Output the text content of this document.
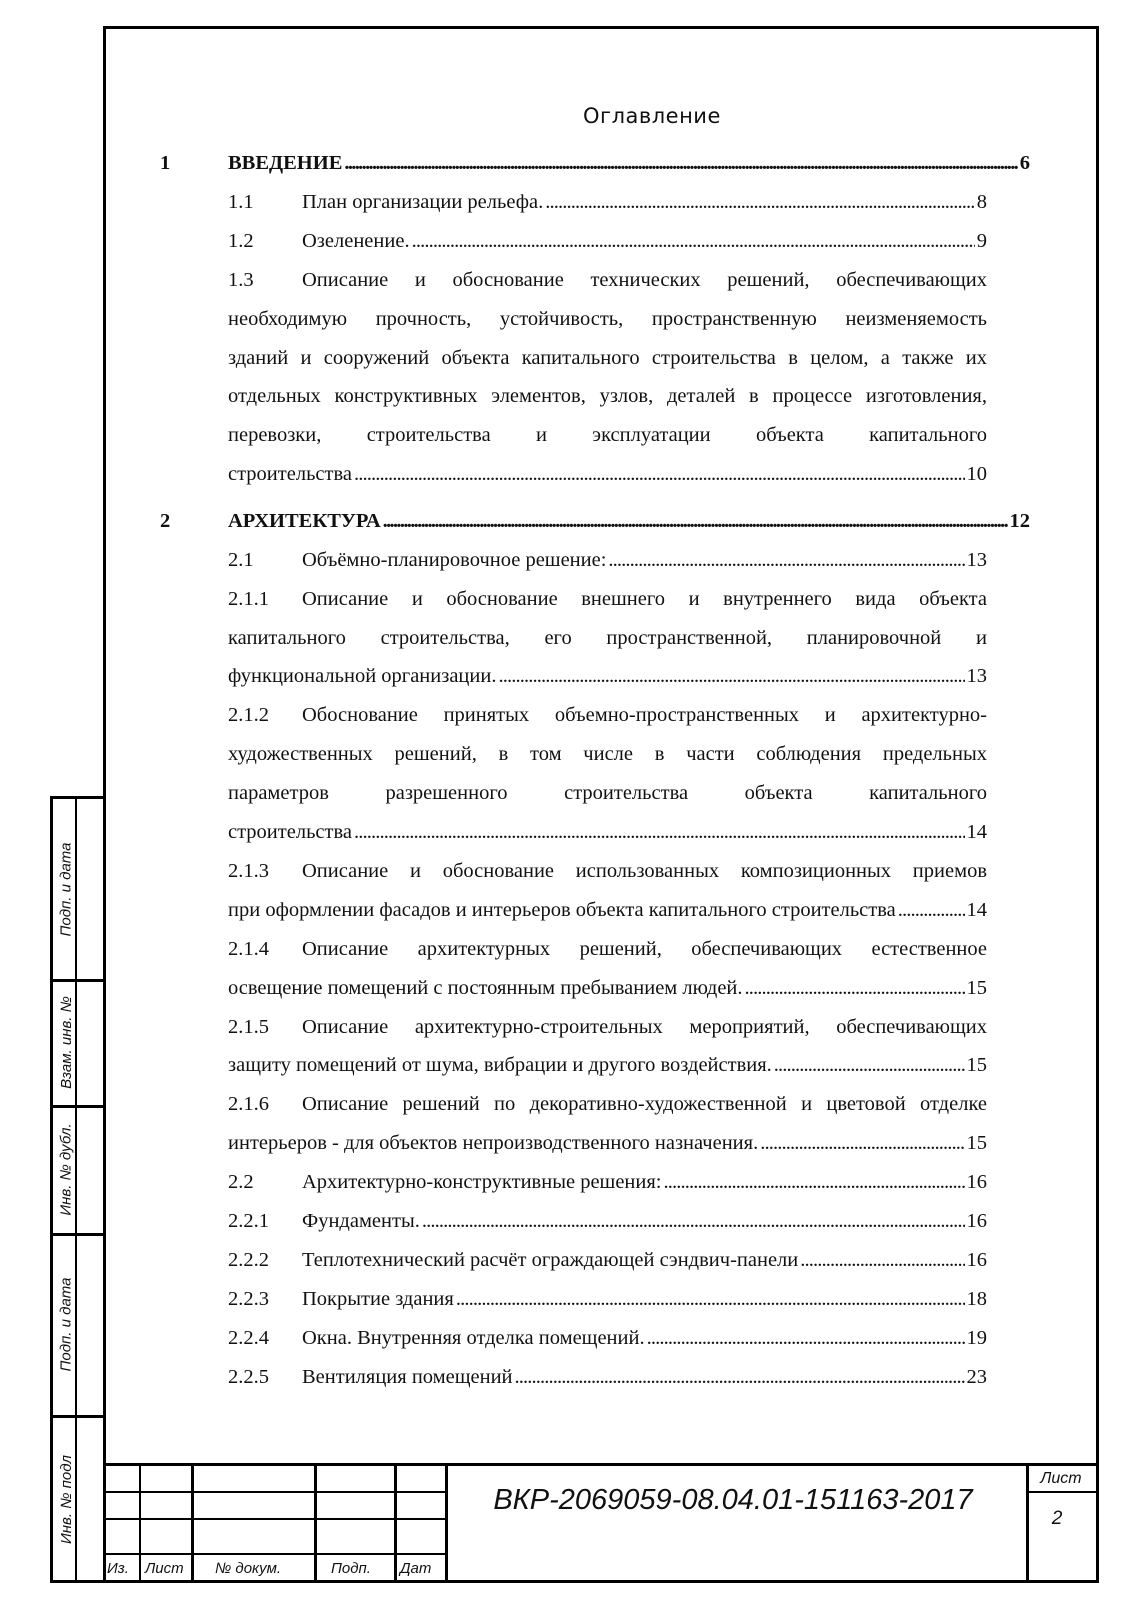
Оглавление
1	ВВЕДЕНИЕ . . .	6
1.1 План организации рельефа. . . .	8
1.2 Озеленение. . . .	9
1.3 Описание и обоснование технических решений, обеспечивающих
необходимую прочность, устойчивость, пространственную неизменяемость
зданий и сооружений объекта капитального строительства в целом, а также их
отдельных конструктивных элементов, узлов, деталей в процессе изготовления,
перевозки, строительства и эксплуатации объекта капитального
строительства . . .	10
2	АРХИТЕКТУРА . . .	12
2.1 Объёмно-планировочное решение: . . .	13
2.1.1 Описание и обоснование внешнего и внутреннего вида объекта
капитального строительства, его пространственной, планировочной и
функциональной организации. . . .	13
2.1.2 Обоснование принятых объемно-пространственных и архитектурно-
художественных решений, в том числе в части соблюдения предельных
параметров разрешенного строительства объекта капитального
строительства . . .	14
2.1.3 Описание и обоснование использованных композиционных приемов
при оформлении фасадов и интерьеров объекта капитального строительства . . .	14
2.1.4 Описание архитектурных решений, обеспечивающих естественное
освещение помещений с постоянным пребыванием людей. . . .	15
2.1.5 Описание архитектурно-строительных мероприятий, обеспечивающих
защиту помещений от шума, вибрации и другого воздействия. . . .	15
2.1.6 Описание решений по декоративно-художественной и цветовой отделке
интерьеров - для объектов непроизводственного назначения. . . .	15
2.2 Архитектурно-конструктивные решения: . . .	16
2.2.1 Фундаменты. . . .	16
2.2.2 Теплотехнический расчёт ограждающей сэндвич-панели . . .	16
2.2.3 Покрытие здания . . .	18
2.2.4 Окна. Внутренняя отделка помещений. . . .	19
2.2.5 Вентиляция помещений . . .	23
Подп. и дата
Взам. инв. №
Инв. № дубл.
Подп. и дата
Инв. № подл
Из. Лист № докум.	Подп. Дат
ВКР-2069059-08.04.01-151163-2017
Лист
2
